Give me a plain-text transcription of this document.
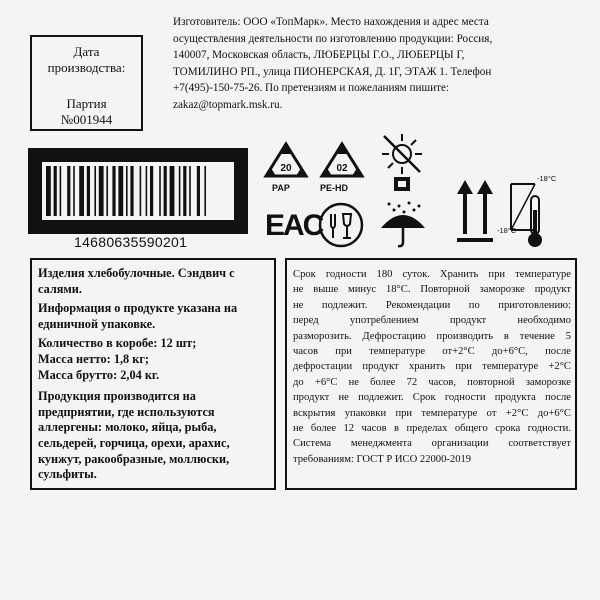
Дата
производства:
Партия
№001944
Изготовитель: ООО «ТопМарк». Место нахождения и адрес места
осуществления деятельности по изготовлению продукции: Россия,
140007, Московская область, ЛЮБЕРЦЫ Г.О., ЛЮБЕРЦЫ Г,
ТОМИЛИНО РП., улица ПИОНЕРСКАЯ, Д. 1Г, ЭТАЖ 1. Телефон
+7(495)-150-75-26. По претензиям и пожеланиям пишите:
zakaz@topmark.msk.ru.
14680635590201
20
PAP
02
PE-HD
EAC
-18°C
-18°C

Изделия хлебобулочные. Сэндвич с салями.

Информация о продукте указана на единичной упаковке.

Количество в коробе: 12 шт;

Масса нетто: 1,8 кг;

Масса брутто: 2,04 кг.

Продукция производится на предприятии, где используются аллергены: молоко, яйца, рыба, сельдерей, горчица, орехи, арахис, кунжут, ракообразные, моллюски, сульфиты.

Срок годности 180 суток. Хранить при температуре
не выше минус 18°С. Повторной заморозке продукт
не подлежит. Рекомендации по приготовлению:
перед употреблением продукт необходимо
разморозить. Дефростацию производить в течение 5
часов при температуре от+2°С до+6°С, после
дефростации продукт хранить при температуре +2°С
до +6°С не более 72 часов, повторной заморозке
продукт не подлежит. Срок годности продукта после
вскрытия упаковки при температуре от +2°С до+6°С
не более 12 часов в пределах общего срока годности.
Система менеджмента организации соответствует
требованиям: ГОСТ Р ИСО 22000-2019
